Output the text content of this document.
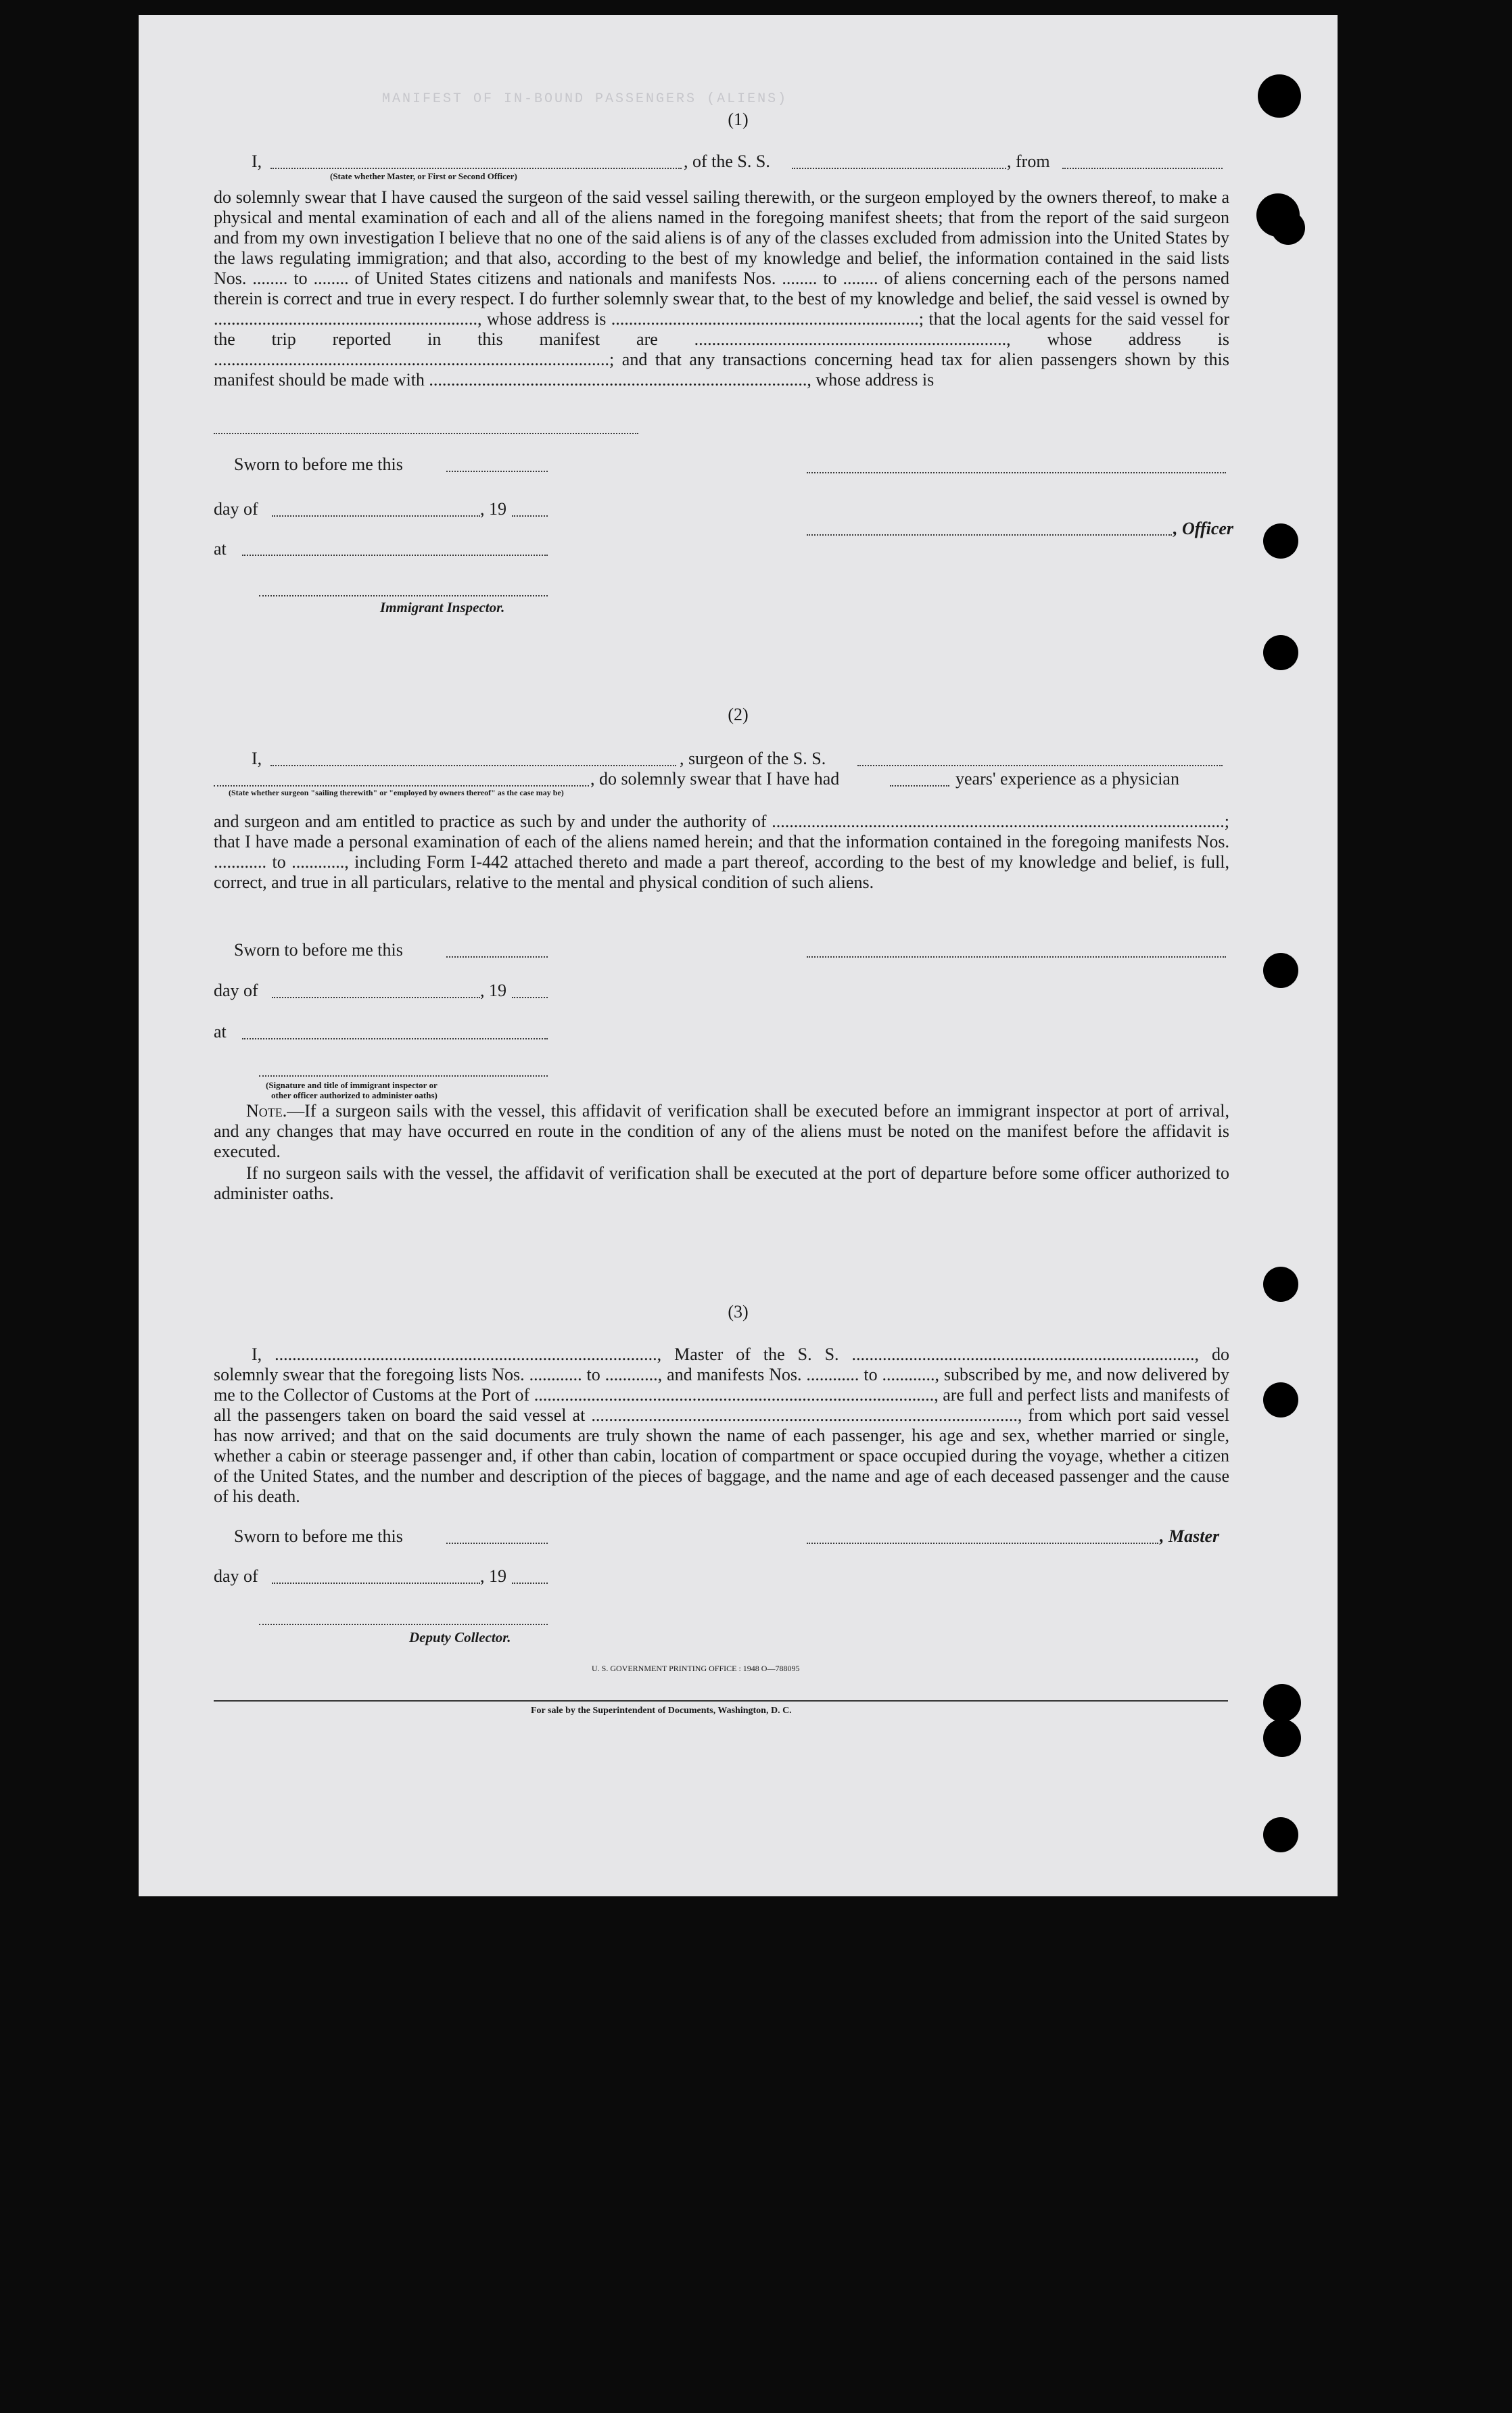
MANIFEST OF IN-BOUND PASSENGERS (ALIENS)
(1)
I,	, of the S. S.	, from
(State whether Master, or First or Second Officer)
do solemnly swear that I have caused the surgeon of the said vessel sailing therewith, or the surgeon employed by the owners thereof, to make a physical and mental examination of each and all of the aliens named in the foregoing manifest sheets; that from the report of the said surgeon and from my own investigation I believe that no one of the said aliens is of any of the classes excluded from admission into the United States by the laws regulating immigration; and that also, according to the best of my knowledge and belief, the information contained in the said lists Nos. ........ to ........ of United States citizens and nationals and manifests Nos. ........ to ........ of aliens concerning each of the persons named therein is correct and true in every respect. I do further solemnly swear that, to the best of my knowledge and belief, the said vessel is owned by ............................................................, whose address is ......................................................................; that the local agents for the said vessel for the trip reported in this manifest are ......................................................................., whose address is ..........................................................................................; and that any transactions concerning head tax for alien passengers shown by this manifest should be made with ......................................................................................, whose address is
Sworn to before me this
day of	, 19
, Officer
at
Immigrant Inspector.
(2)
I,	, surgeon of the S. S.
, do solemnly swear that I have had	years' experience as a physician
(State whether surgeon "sailing therewith" or "employed by owners thereof" as the case may be)
and surgeon and am entitled to practice as such by and under the authority of .......................................................................................................; that I have made a personal examination of each of the aliens named herein; and that the information contained in the foregoing manifests Nos. ............ to ............, including Form I-442 attached thereto and made a part thereof, according to the best of my knowledge and belief, is full, correct, and true in all particulars, relative to the mental and physical condition of such aliens.
Sworn to before me this
day of	, 19
at
(Signature and title of immigrant inspector or
other officer authorized to administer oaths)
Note.—If a surgeon sails with the vessel, this affidavit of verification shall be executed before an immigrant inspector at port of arrival, and any changes that may have occurred en route in the condition of any of the aliens must be noted on the manifest before the affidavit is executed.
If no surgeon sails with the vessel, the affidavit of verification shall be executed at the port of departure before some officer authorized to administer oaths.
(3)
I, ......................................................................................., Master of the S. S. .............................................................................., do solemnly swear that the foregoing lists Nos. ............ to ............, and manifests Nos. ............ to ............, subscribed by me, and now delivered by me to the Collector of Customs at the Port of ..........................................................................................., are full and perfect lists and manifests of all the passengers taken on board the said vessel at ................................................................................................., from which port said vessel has now arrived; and that on the said documents are truly shown the name of each passenger, his age and sex, whether married or single, whether a cabin or steerage passenger and, if other than cabin, location of compartment or space occupied during the voyage, whether a citizen of the United States, and the number and description of the pieces of baggage, and the name and age of each deceased passenger and the cause of his death.
Sworn to before me this	, Master
day of	, 19
Deputy Collector.
U. S. GOVERNMENT PRINTING OFFICE : 1948 O—788095
For sale by the Superintendent of Documents, Washington, D. C.
